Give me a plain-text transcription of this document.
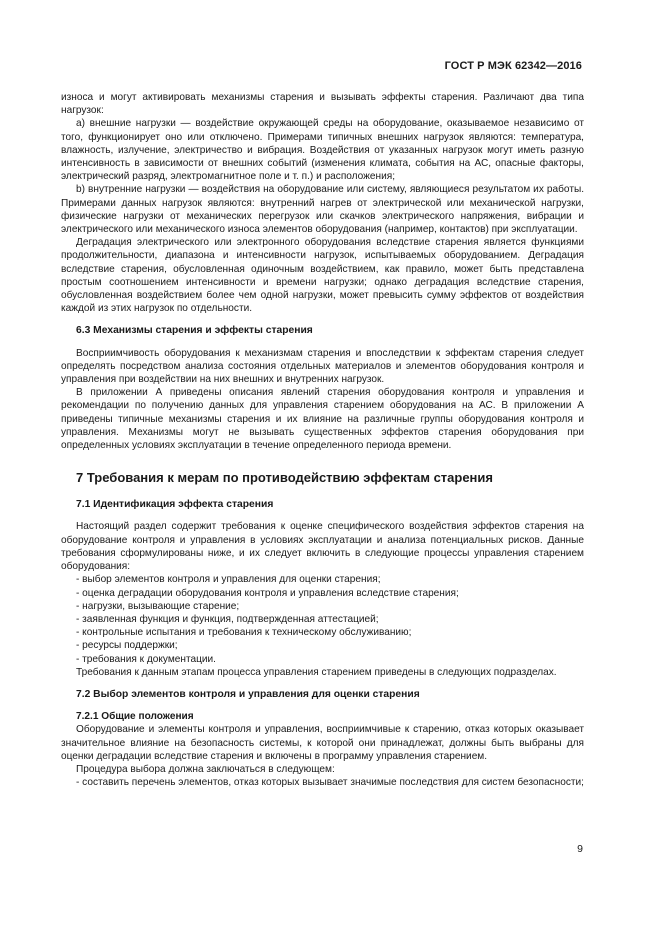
ГОСТ Р МЭК 62342—2016

износа и могут активировать механизмы старения и вызывать эффекты старения. Различают два типа нагрузок:

a) внешние нагрузки — воздействие окружающей среды на оборудование, оказываемое независимо от того, функционирует оно или отключено. Примерами типичных внешних нагрузок являются: температура, влажность, излучение, электричество и вибрация. Воздействия от указанных нагрузок могут иметь разную интенсивность в зависимости от внешних событий (изменения климата, события на АС, опасные факторы, электрический разряд, электромагнитное поле и т. п.) и расположения;

b) внутренние нагрузки — воздействия на оборудование или систему, являющиеся результатом их работы. Примерами данных нагрузок являются: внутренний нагрев от электрической или механической нагрузки, физические нагрузки от механических перегрузок или скачков электрического напряжения, вибрации и электрического или механического износа элементов оборудования (например, контактов) при эксплуатации.

Деградация электрического или электронного оборудования вследствие старения является функциями продолжительности, диапазона и интенсивности нагрузок, испытываемых оборудованием. Деградация вследствие старения, обусловленная одиночным воздействием, как правило, может быть представлена простым соотношением интенсивности и времени нагрузки; однако деградация вследствие старения, обусловленная воздействием более чем одной нагрузки, может превысить сумму эффектов от воздействия каждой из этих нагрузок по отдельности.

6.3 Механизмы старения и эффекты старения

Восприимчивость оборудования к механизмам старения и впоследствии к эффектам старения следует определять посредством анализа состояния отдельных материалов и элементов оборудования контроля и управления при воздействии на них внешних и внутренних нагрузок.

В приложении А приведены описания явлений старения оборудования контроля и управления и рекомендации по получению данных для управления старением оборудования на АС. В приложении А приведены типичные механизмы старения и их влияние на различные группы оборудования контроля и управления. Механизмы могут не вызывать существенных эффектов старения оборудования при определенных условиях эксплуатации в течение определенного периода времени.

7 Требования к мерам по противодействию эффектам старения
7.1 Идентификация эффекта старения

Настоящий раздел содержит требования к оценке специфического воздействия эффектов старения на оборудование контроля и управления в условиях эксплуатации и анализа потенциальных рисков. Данные требования сформулированы ниже, и их следует включить в следующие процессы управления старением оборудования:

- выбор элементов контроля и управления для оценки старения;

- оценка деградации оборудования контроля и управления вследствие старения;

- нагрузки, вызывающие старение;

- заявленная функция и функция, подтвержденная аттестацией;

- контрольные испытания и требования к техническому обслуживанию;

- ресурсы поддержки;

- требования к документации.

Требования к данным этапам процесса управления старением приведены в следующих подразделах.

7.2 Выбор элементов контроля и управления для оценки старения
7.2.1 Общие положения

Оборудование и элементы контроля и управления, восприимчивые к старению, отказ которых оказывает значительное влияние на безопасность системы, к которой они принадлежат, должны быть выбраны для оценки деградации вследствие старения и включены в программу управления старением.

Процедура выбора должна заключаться в следующем:

- составить перечень элементов, отказ которых вызывает значимые последствия для систем безопасности;

9
